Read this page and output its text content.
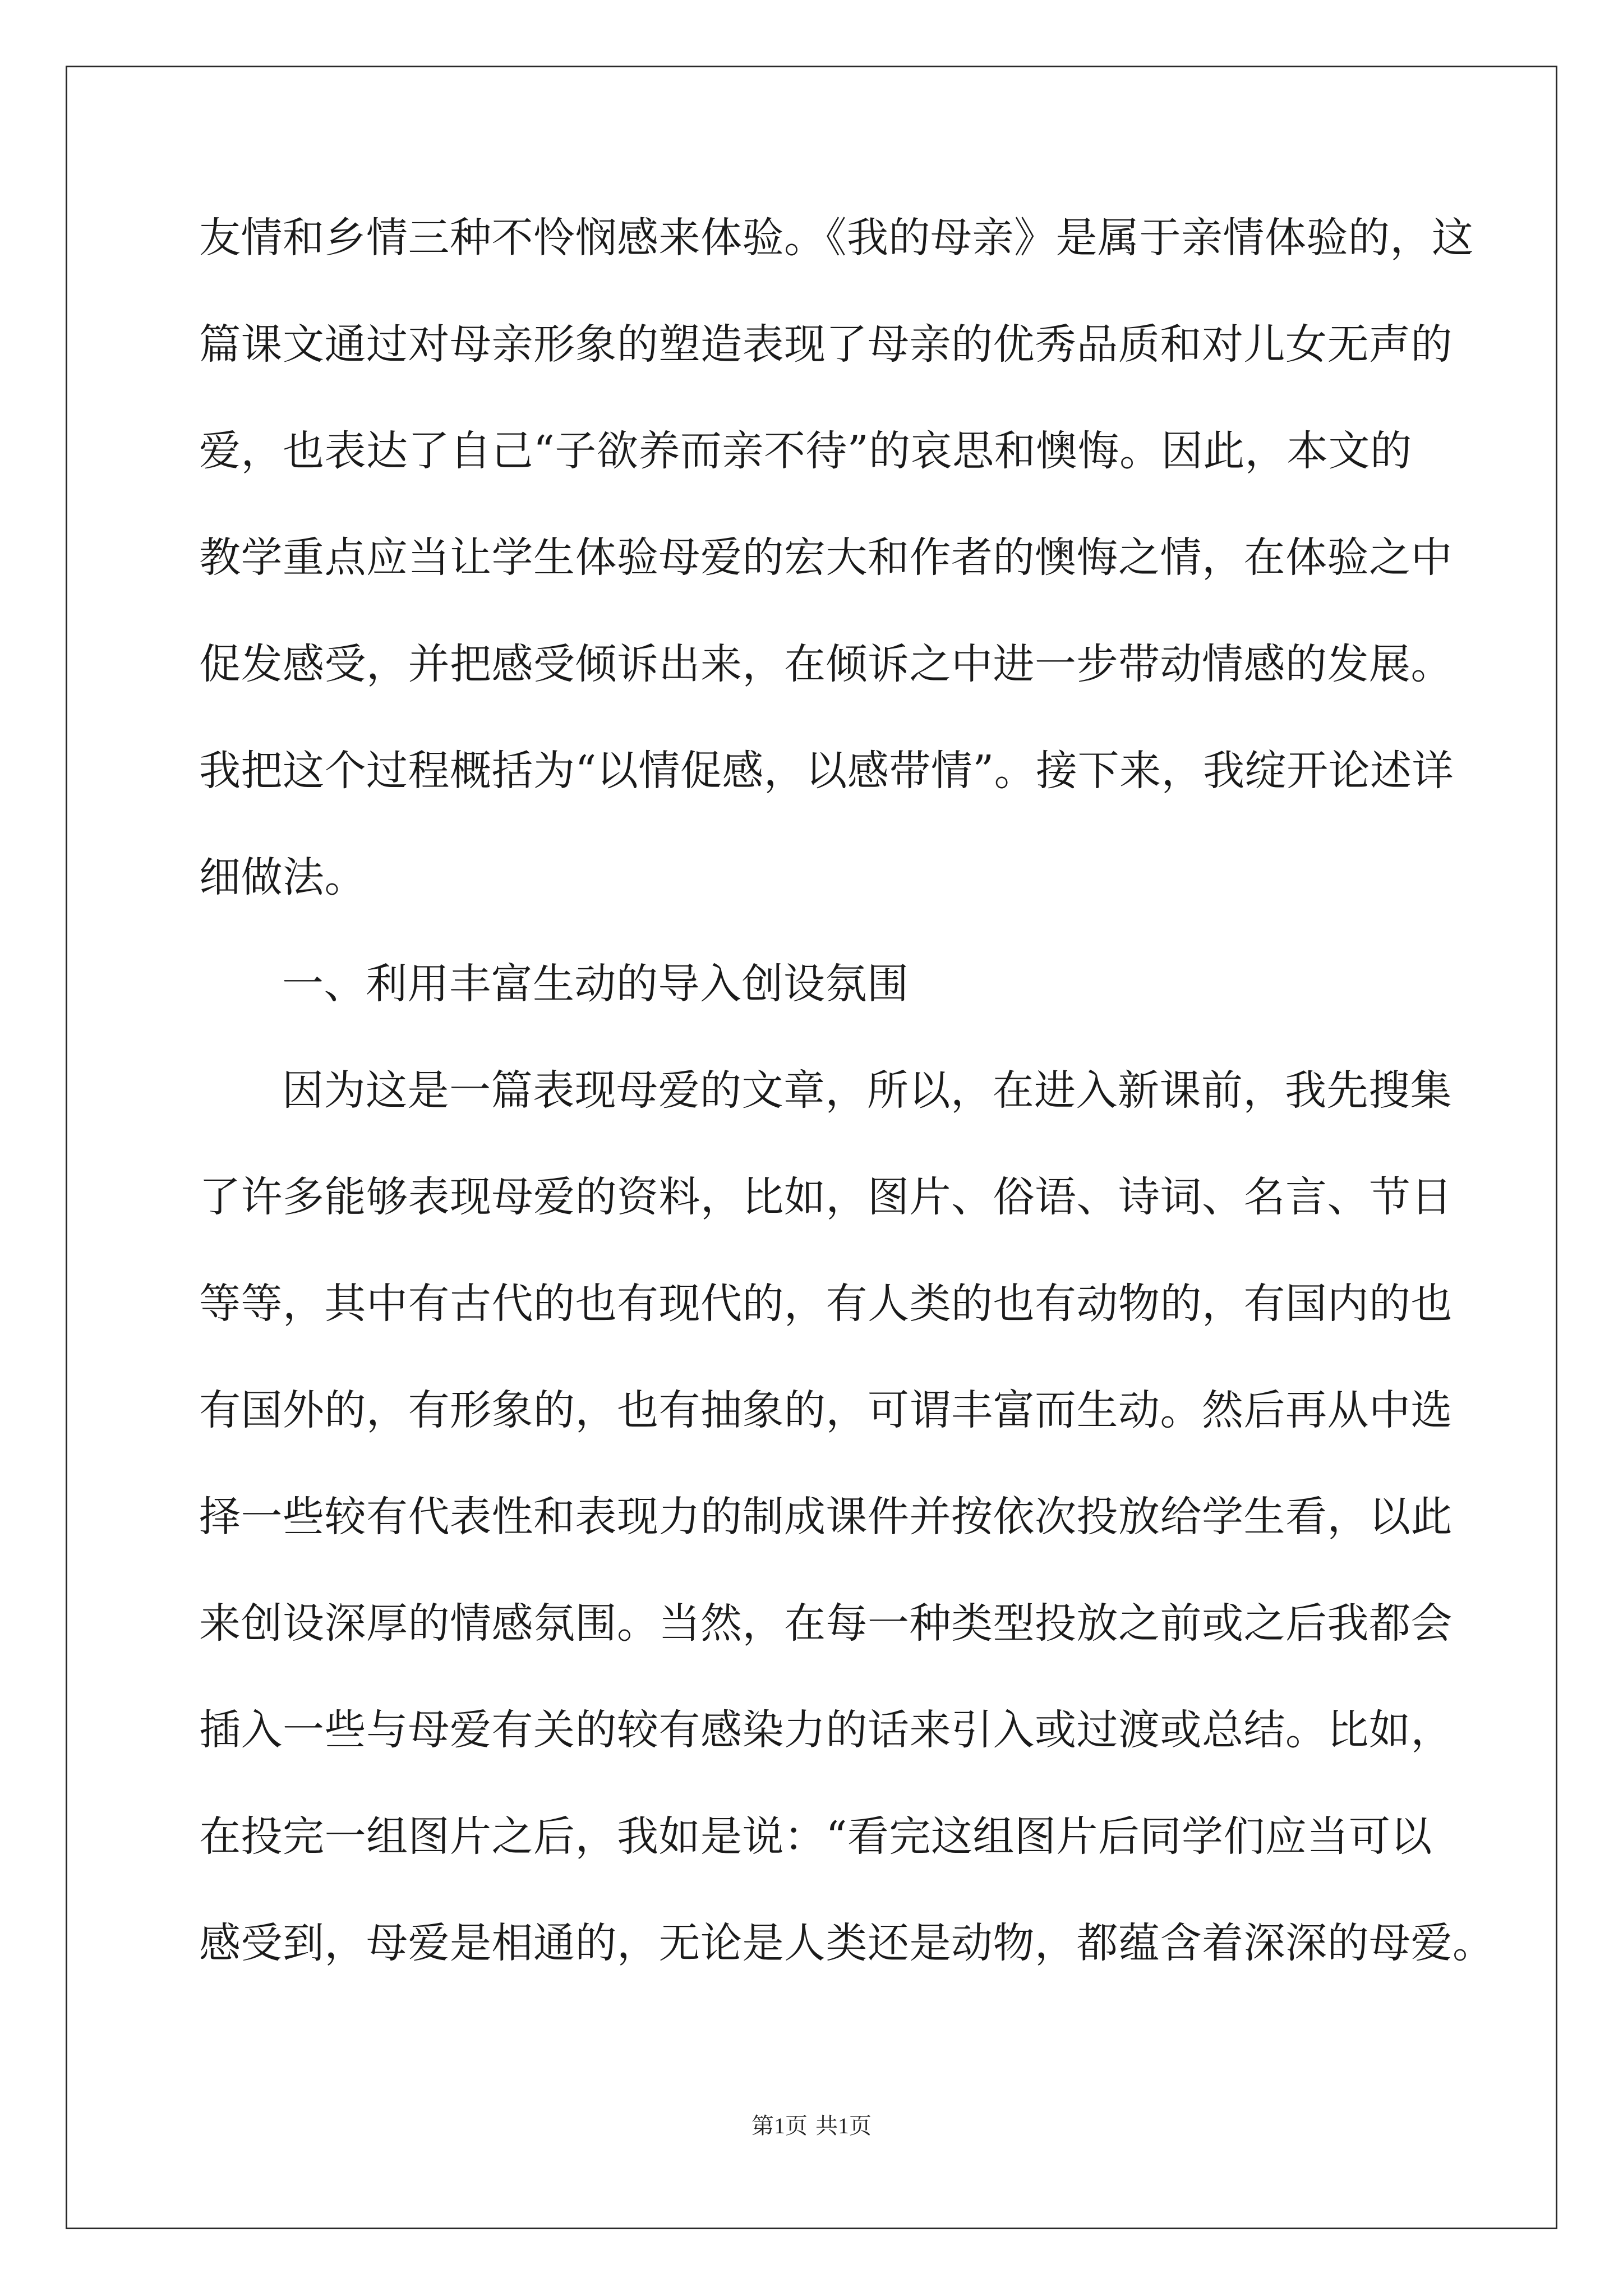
友情和乡情三种不怜悯感来体验。《我的母亲》是属于亲情体验的，这
篇课文通过对母亲形象的塑造表现了母亲的优秀品质和对儿女无声的
爱，也表达了自己“子欲养而亲不待”的哀思和懊悔。因此，本文的
教学重点应当让学生体验母爱的宏大和作者的懊悔之情，在体验之中
促发感受，并把感受倾诉出来，在倾诉之中进一步带动情感的发展。
我把这个过程概括为“以情促感，以感带情”。接下来，我绽开论述详
细做法。
一、利用丰富生动的导入创设氛围
因为这是一篇表现母爱的文章，所以，在进入新课前，我先搜集
了许多能够表现母爱的资料，比如，图片、俗语、诗词、名言、节日
等等，其中有古代的也有现代的，有人类的也有动物的，有国内的也
有国外的，有形象的，也有抽象的，可谓丰富而生动。然后再从中选
择一些较有代表性和表现力的制成课件并按依次投放给学生看，以此
来创设深厚的情感氛围。当然，在每一种类型投放之前或之后我都会
插入一些与母爱有关的较有感染力的话来引入或过渡或总结。比如，
在投完一组图片之后，我如是说：“看完这组图片后同学们应当可以
感受到，母爱是相通的，无论是人类还是动物，都蕴含着深深的母爱。
第1页 共1页
